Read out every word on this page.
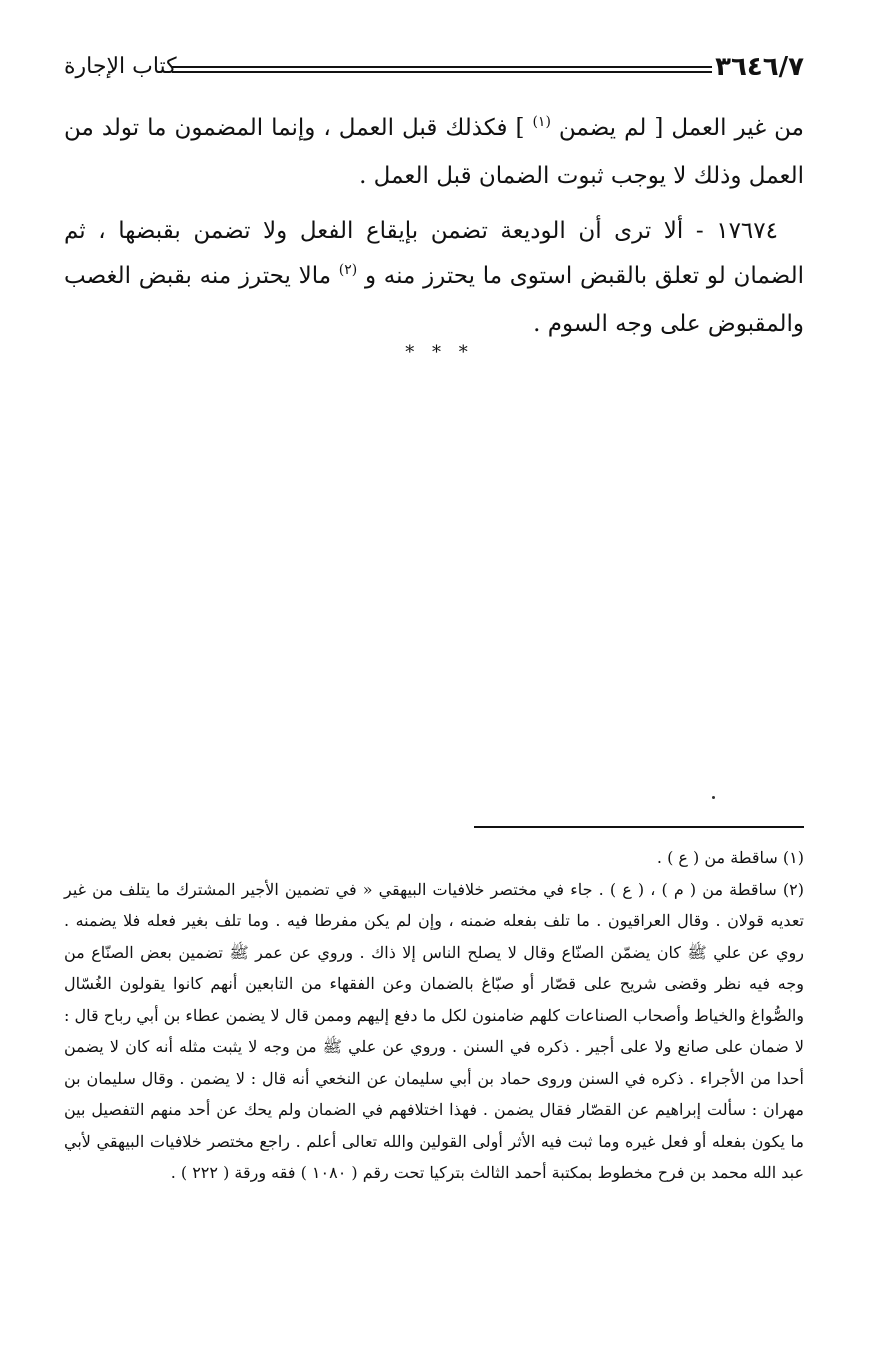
٣٦٤٦/٧
كتاب الإجارة

من غير العمل [ لم يضمن $^{(١)}$ ] فكذلك قبل العمل ، وإنما المضمون ما تولد من العمل وذلك لا يوجب ثبوت الضمان قبل العمل .

١٧٦٧٤ - ألا ترى أن الوديعة تضمن بإيقاع الفعل ولا تضمن بقبضها ، ثم الضمان لو تعلق بالقبض استوى ما يحترز منه و $^{(٢)}$ مالا يحترز منه بقبض الغصب والمقبوض على وجه السوم .

* * *

(١) ساقطة من ( ع ) .

(٢) ساقطة من ( م ) ، ( ع ) . جاء في مختصر خلافيات البيهقي « في تضمين الأجير المشترك ما يتلف من غير تعديه قولان . وقال العراقيون . ما تلف بفعله ضمنه ، وإن لم يكن مفرطا فيه . وما تلف بغير فعله فلا يضمنه . روي عن علي ﷺ كان يضمّن الصنّاع وقال لا يصلح الناس إلا ذاك . وروي عن عمر ﷺ تضمين بعض الصنّاع من وجه فيه نظر وقضى شريح على قصّار أو صبّاغ بالضمان وعن الفقهاء من التابعين أنهم كانوا يقولون الغُسّال والصُّواغ والخياط وأصحاب الصناعات كلهم ضامنون لكل ما دفع إليهم وممن قال لا يضمن عطاء بن أبي رباح قال : لا ضمان على صانع ولا على أجير . ذكره في السنن . وروي عن علي ﷺ من وجه لا يثبت مثله أنه كان لا يضمن أحدا من الأجراء . ذكره في السنن وروى حماد بن أبي سليمان عن النخعي أنه قال : لا يضمن . وقال سليمان بن مهران : سألت إبراهيم عن القصّار فقال يضمن . فهذا اختلافهم في الضمان ولم يحك عن أحد منهم التفصيل بين ما يكون بفعله أو فعل غيره وما ثبت فيه الأثر أولى القولين والله تعالى أعلم . راجع مختصر خلافيات البيهقي لأبي عبد الله محمد بن فرح مخطوط بمكتبة أحمد الثالث بتركيا تحت رقم ( ١٠٨٠ ) فقه ورقة ( ٢٢٢ ) .
